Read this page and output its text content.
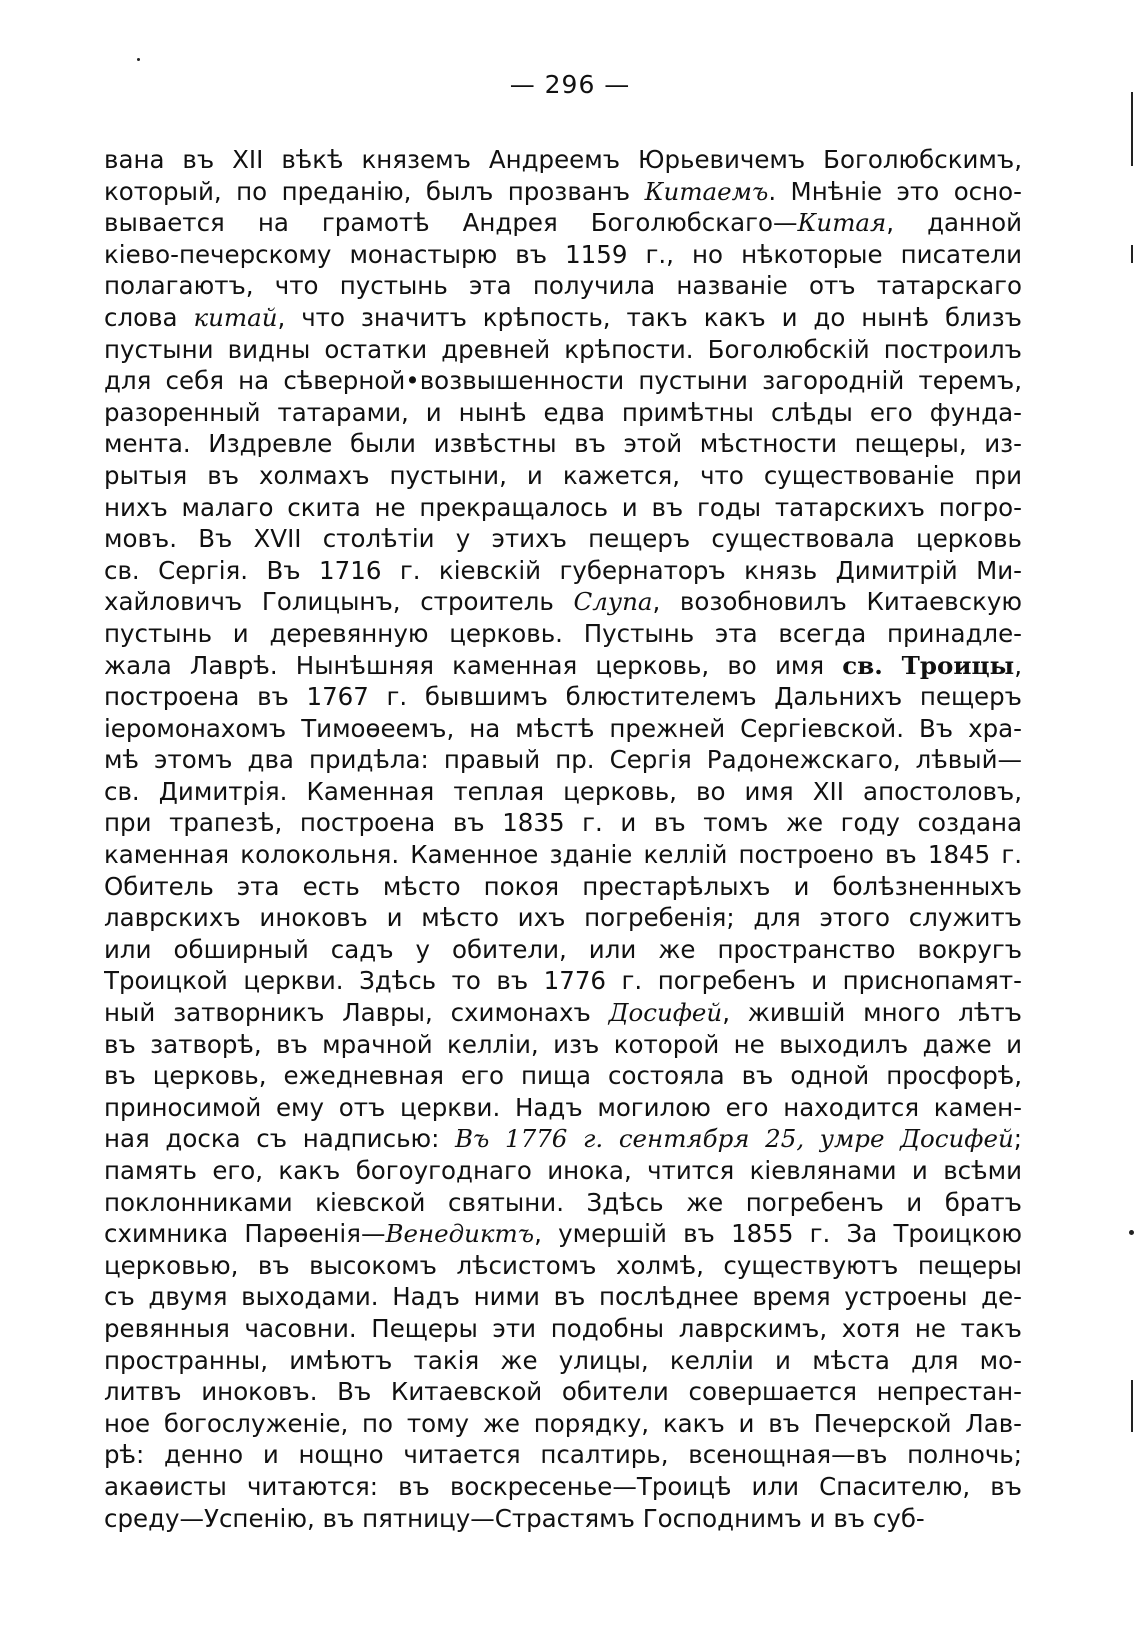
— 296 —
вана въ XII вѣкѣ княземъ Андреемъ Юрьевичемъ Боголюбскимъ,
который, по преданію, былъ прозванъ Китаемъ. Мнѣніе это осно-
вывается на грамотѣ Андрея Боголюбскаго—Китая, данной
кіево-печерскому монастырю въ 1159 г., но нѣкоторые писатели
полагаютъ, что пустынь эта получила названіе отъ татарскаго
слова китай, что значитъ крѣпость, такъ какъ и до нынѣ близъ
пустыни видны остатки древней крѣпости. Боголюбскій построилъ
для себя на сѣверной•возвышенности пустыни загородній теремъ,
разоренный татарами, и нынѣ едва примѣтны слѣды его фунда-
мента. Издревле были извѣстны въ этой мѣстности пещеры, из-
рытыя въ холмахъ пустыни, и кажется, что существованіе при
нихъ малаго скита не прекращалось и въ годы татарскихъ погро-
мовъ. Въ XVII столѣтіи у этихъ пещеръ существовала церковь
св. Сергія. Въ 1716 г. кіевскій губернаторъ князь Димитрій Ми-
хайловичъ Голицынъ, строитель Слупа, возобновилъ Китаевскую
пустынь и деревянную церковь. Пустынь эта всегда принадле-
жала Лаврѣ. Нынѣшняя каменная церковь, во имя св. Троицы,
построена въ 1767 г. бывшимъ блюстителемъ Дальнихъ пещеръ
іеромонахомъ Тимоѳеемъ, на мѣстѣ прежней Сергіевской. Въ хра-
мѣ этомъ два придѣла: правый пр. Сергія Радонежскаго, лѣвый—
св. Димитрія. Каменная теплая церковь, во имя XII апостоловъ,
при трапезѣ, построена въ 1835 г. и въ томъ же году создана
каменная колокольня. Каменное зданіе келлій построено въ 1845 г.
Обитель эта есть мѣсто покоя престарѣлыхъ и болѣзненныхъ
лаврскихъ иноковъ и мѣсто ихъ погребенія; для этого служитъ
или обширный садъ у обители, или же пространство вокругъ
Троицкой церкви. Здѣсь то въ 1776 г. погребенъ и приснопамят-
ный затворникъ Лавры, схимонахъ Досифей, жившій много лѣтъ
въ затворѣ, въ мрачной келліи, изъ которой не выходилъ даже и
въ церковь, ежедневная его пища состояла въ одной просфорѣ,
приносимой ему отъ церкви. Надъ могилою его находится камен-
ная доска съ надписью: Въ 1776 г. сентября 25, умре Досифей;
память его, какъ богоугоднаго инока, чтится кіевлянами и всѣми
поклонниками кіевской святыни. Здѣсь же погребенъ и братъ
схимника Парѳенія—Венедиктъ, умершій въ 1855 г. За Троицкою
церковью, въ высокомъ лѣсистомъ холмѣ, существуютъ пещеры
съ двумя выходами. Надъ ними въ послѣднее время устроены де-
ревянныя часовни. Пещеры эти подобны лаврскимъ, хотя не такъ
пространны, имѣютъ такія же улицы, келліи и мѣста для мо-
литвъ иноковъ. Въ Китаевской обители совершается непрестан-
ное богослуженіе, по тому же порядку, какъ и въ Печерской Лав-
рѣ: денно и нощно читается псалтирь, всенощная—въ полночь;
акаѳисты читаются: въ воскресенье—Троицѣ или Спасителю, въ
среду—Успенію, въ пятницу—Страстямъ Господнимъ и въ суб-
